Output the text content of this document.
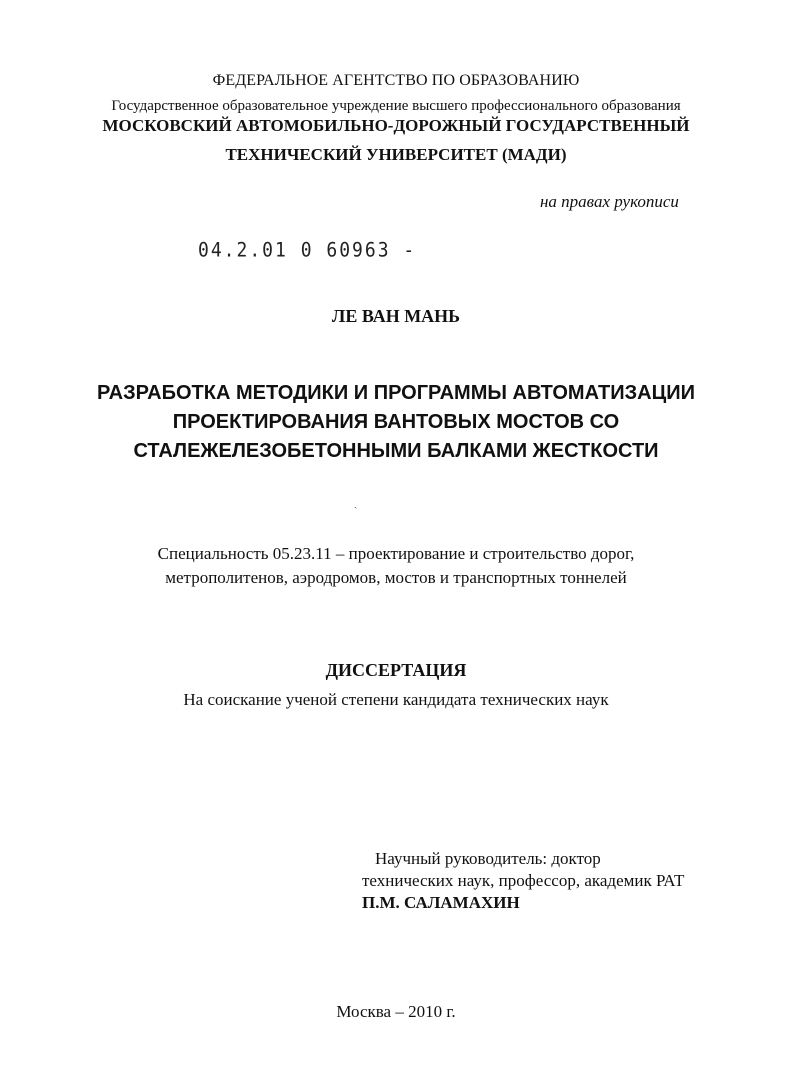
ФЕДЕРАЛЬНОЕ АГЕНТСТВО ПО ОБРАЗОВАНИЮ
Государственное образовательное учреждение высшего профессионального образования
МОСКОВСКИЙ АВТОМОБИЛЬНО-ДОРОЖНЫЙ ГОСУДАРСТВЕННЫЙ
ТЕХНИЧЕСКИЙ УНИВЕРСИТЕТ (МАДИ)
на правах рукописи
04.2.01 0 60963 -
ЛЕ ВАН МАНЬ
РАЗРАБОТКА МЕТОДИКИ И ПРОГРАММЫ АВТОМАТИЗАЦИИ
ПРОЕКТИРОВАНИЯ ВАНТОВЫХ МОСТОВ СО
СТАЛЕЖЕЛЕЗОБЕТОННЫМИ БАЛКАМИ ЖЕСТКОСТИ
ˏ
Специальность 05.23.11 – проектирование и строительство дорог,
метрополитенов, аэродромов, мостов и транспортных тоннелей
ДИССЕРТАЦИЯ
На соискание ученой степени кандидата технических наук
Научный руководитель: доктор
технических наук, профессор, академик РАТ
П.М. САЛАМАХИН
Москва – 2010 г.
